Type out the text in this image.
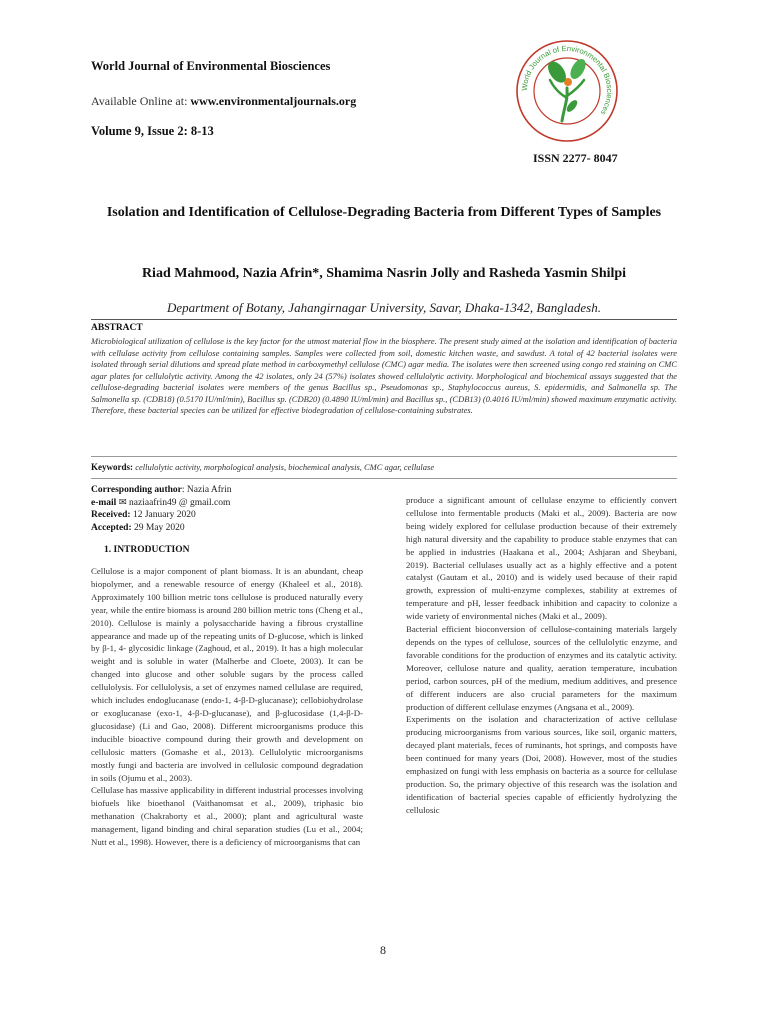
World Journal of Environmental Biosciences
Available Online at: www.environmentaljournals.org
Volume 9, Issue 2: 8-13
World Journal of Environmental Biosciences
ISSN 2277- 8047
Isolation and Identification of Cellulose-Degrading Bacteria from Different Types of Samples
Riad Mahmood, Nazia Afrin*, Shamima Nasrin Jolly and Rasheda Yasmin Shilpi
Department of Botany, Jahangirnagar University, Savar, Dhaka-1342, Bangladesh.
ABSTRACT
Microbiological utilization of cellulose is the key factor for the utmost material flow in the biosphere. The present study aimed at the isolation and identification of bacteria with cellulase activity from cellulose containing samples. Samples were collected from soil, domestic kitchen waste, and sawdust. A total of 42 bacterial isolates were isolated through serial dilutions and spread plate method in carboxymethyl cellulose (CMC) agar media. The isolates were then screened using congo red staining on CMC agar plates for cellulolytic activity. Among the 42 isolates, only 24 (57%) isolates showed cellulolytic activity. Morphological and biochemical assays suggested that the cellulose-degrading bacterial isolates were members of the genus Bacillus sp., Pseudomonas sp., Staphylococcus aureus, S. epidermidis, and Salmonella sp. The Salmonella sp. (CDB18) (0.5170 IU/ml/min), Bacillus sp. (CDB20) (0.4890 IU/ml/min) and Bacillus sp., (CDB13) (0.4016 IU/ml/min) showed maximum enzymatic activity. Therefore, these bacterial species can be utilized for effective biodegradation of cellulose-containing substrates.
Keywords: cellulolytic activity, morphological analysis, biochemical analysis, CMC agar, cellulase
Corresponding author: Nazia Afrin
e-mail ✉ naziaafrin49 @ gmail.com
Received: 12 January 2020
Accepted: 29 May 2020
1. INTRODUCTION

Cellulose is a major component of plant biomass. It is an abundant, cheap biopolymer, and a renewable resource of energy (Khaleel et al., 2018). Approximately 100 billion metric tons cellulose is produced naturally every year, while the entire biomass is around 280 billion metric tons (Cheng et al., 2010). Cellulose is mainly a polysaccharide having a fibrous crystalline appearance and made up of the repeating units of D-glucose, which is linked by β-1, 4- glycosidic linkage (Zaghoud, et al., 2019). It has a high molecular weight and is soluble in water (Malherbe and Cloete, 2003). It can be changed into glucose and other soluble sugars by the process called cellulolysis. For cellulolysis, a set of enzymes named cellulase are required, which includes endoglucanase (endo-1, 4-β-D-glucanase); cellobiohydrolase or exoglucanase (exo-1, 4-β-D-glucanase), and β-glucosidase (1,4-β-D-glucosidase) (Li and Gao, 2008). Different microorganisms produce this inducible bioactive compound during their growth and development on cellulosic matters (Gomashe et al., 2013). Cellulolytic microorganisms mostly fungi and bacteria are involved in cellulosic compound degradation in soils (Ojumu et al., 2003).

Cellulase has massive applicability in different industrial processes involving biofuels like bioethanol (Vaithanomsat et al., 2009), triphasic bio methanation (Chakraborty et al., 2000); plant and agricultural waste management, ligand binding and chiral separation studies (Lu et al., 2004; Nutt et al., 1998). However, there is a deficiency of microorganisms that can

produce a significant amount of cellulase enzyme to efficiently convert cellulose into fermentable products (Maki et al., 2009). Bacteria are now being widely explored for cellulase production because of their extremely high natural diversity and the capability to produce stable enzymes that can be applied in industries (Haakana et al., 2004; Ashjaran and Sheybani, 2019). Bacterial cellulases usually act as a highly effective and a potent catalyst (Gautam et al., 2010) and is widely used because of their rapid growth, expression of multi-enzyme complexes, stability at extremes of temperature and pH, lesser feedback inhibition and capacity to colonize a wide variety of environmental niches (Maki et al., 2009).

Bacterial efficient bioconversion of cellulose-containing materials largely depends on the types of cellulose, sources of the cellulolytic enzyme, and favorable conditions for the production of enzymes and its catalytic activity. Moreover, cellulose nature and quality, aeration temperature, incubation period, carbon sources, pH of the medium, medium additives, and presence of different inducers are also crucial parameters for the maximum production of different cellulase enzymes (Angsana et al., 2009).

Experiments on the isolation and characterization of active cellulase producing microorganisms from various sources, like soil, organic matters, decayed plant materials, feces of ruminants, hot springs, and composts have been continued for many years (Doi, 2008). However, most of the studies emphasized on fungi with less emphasis on bacteria as a source for cellulase production. So, the primary objective of this research was the isolation and identification of bacterial species capable of efficiently hydrolyzing the cellulosic

8
